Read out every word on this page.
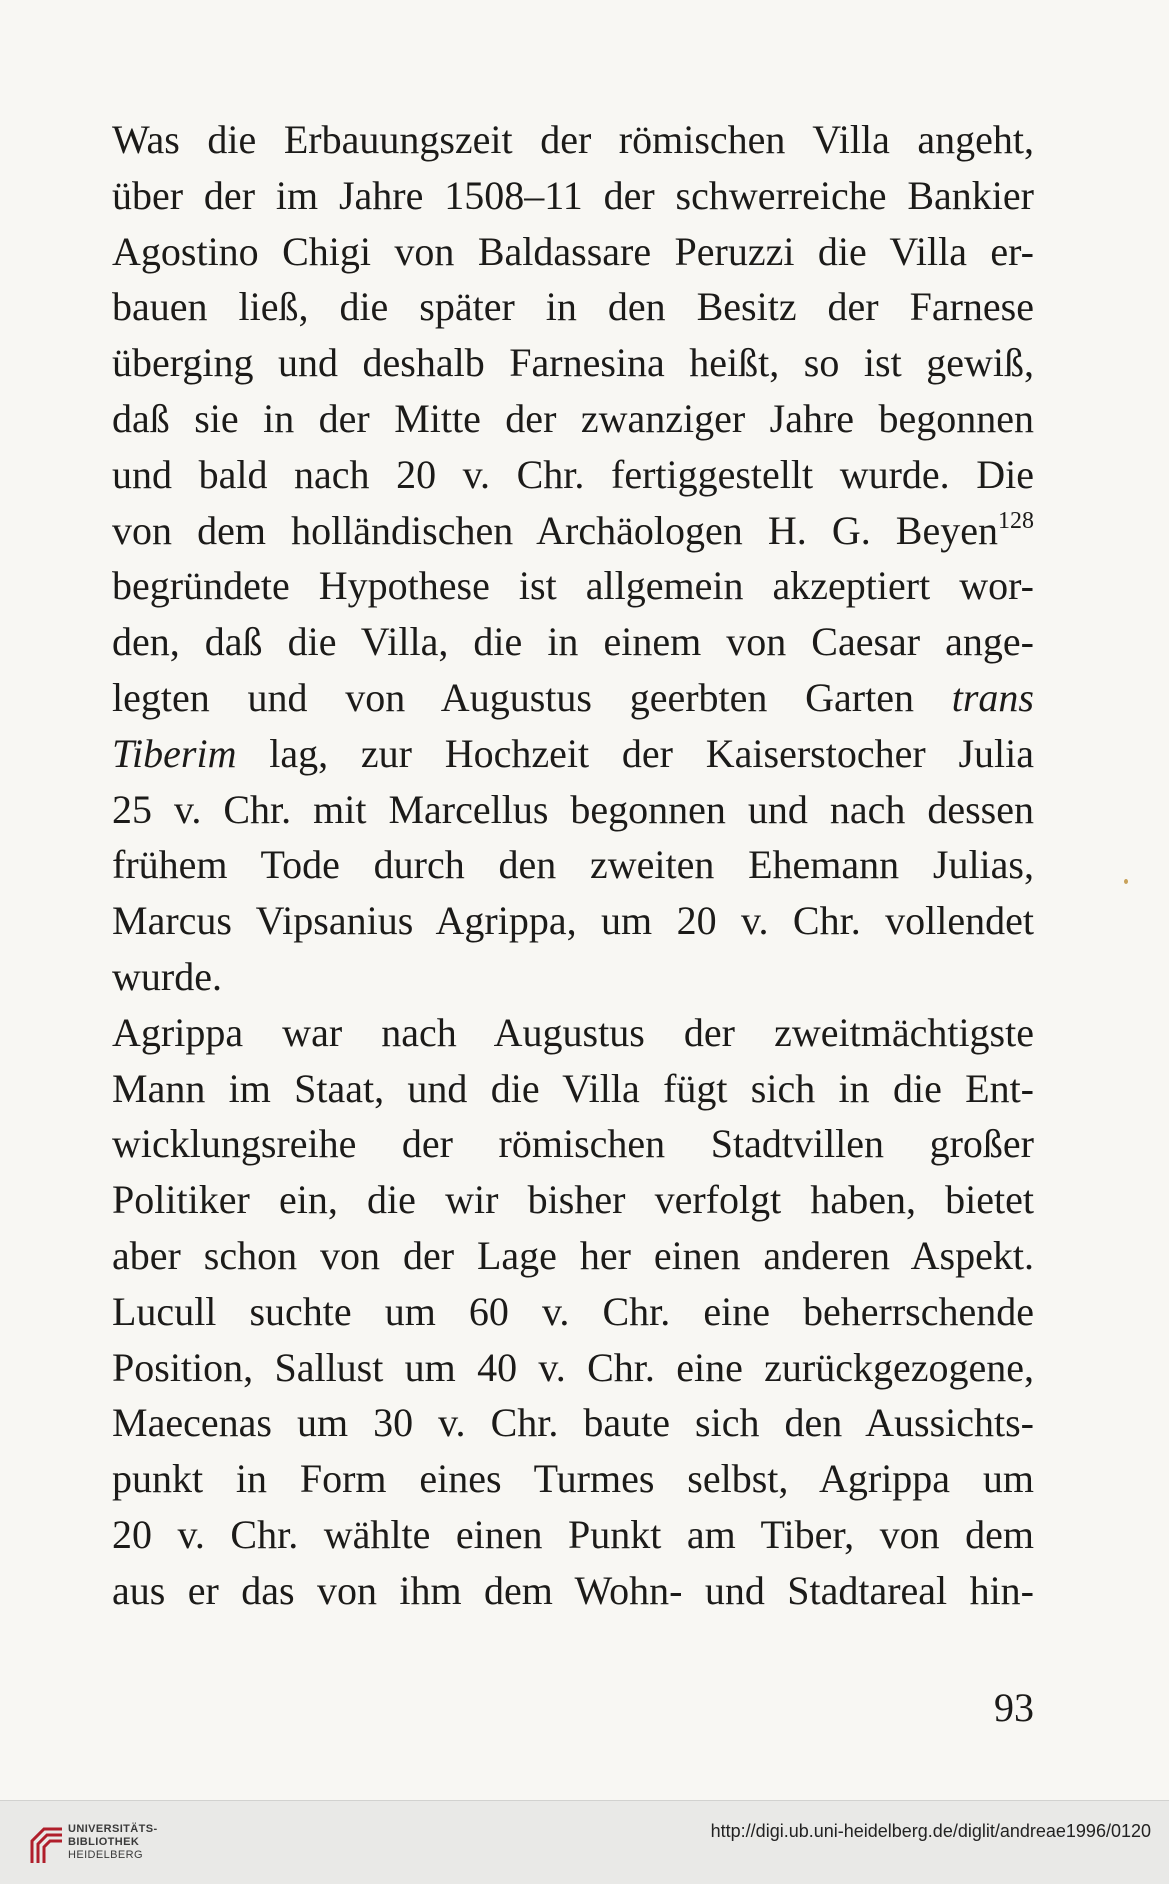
Was die Erbauungszeit der römischen Villa angeht,
über der im Jahre 1508–11 der schwerreiche Bankier
Agostino Chigi von Baldassare Peruzzi die Villa er-
bauen ließ, die später in den Besitz der Farnese
überging und deshalb Farnesina heißt, so ist gewiß,
daß sie in der Mitte der zwanziger Jahre begonnen
und bald nach 20 v. Chr. fertiggestellt wurde. Die
von dem holländischen Archäologen H. G. Beyen$^{128}$
begründete Hypothese ist allgemein akzeptiert wor-
den, daß die Villa, die in einem von Caesar ange-
legten und von Augustus geerbten Garten trans
Tiberim lag, zur Hochzeit der Kaiserstocher Julia
25 v. Chr. mit Marcellus begonnen und nach dessen
frühem Tode durch den zweiten Ehemann Julias,
Marcus Vipsanius Agrippa, um 20 v. Chr. vollendet
wurde.
Agrippa war nach Augustus der zweitmächtigste
Mann im Staat, und die Villa fügt sich in die Ent-
wicklungsreihe der römischen Stadtvillen großer
Politiker ein, die wir bisher verfolgt haben, bietet
aber schon von der Lage her einen anderen Aspekt.
Lucull suchte um 60 v. Chr. eine beherrschende
Position, Sallust um 40 v. Chr. eine zurückgezogene,
Maecenas um 30 v. Chr. baute sich den Aussichts-
punkt in Form eines Turmes selbst, Agrippa um
20 v. Chr. wählte einen Punkt am Tiber, von dem
aus er das von ihm dem Wohn- und Stadtareal hin-
93
UNIVERSITÄTS-
BIBLIOTHEK
HEIDELBERG
http://digi.ub.uni-heidelberg.de/diglit/andreae1996/0120
